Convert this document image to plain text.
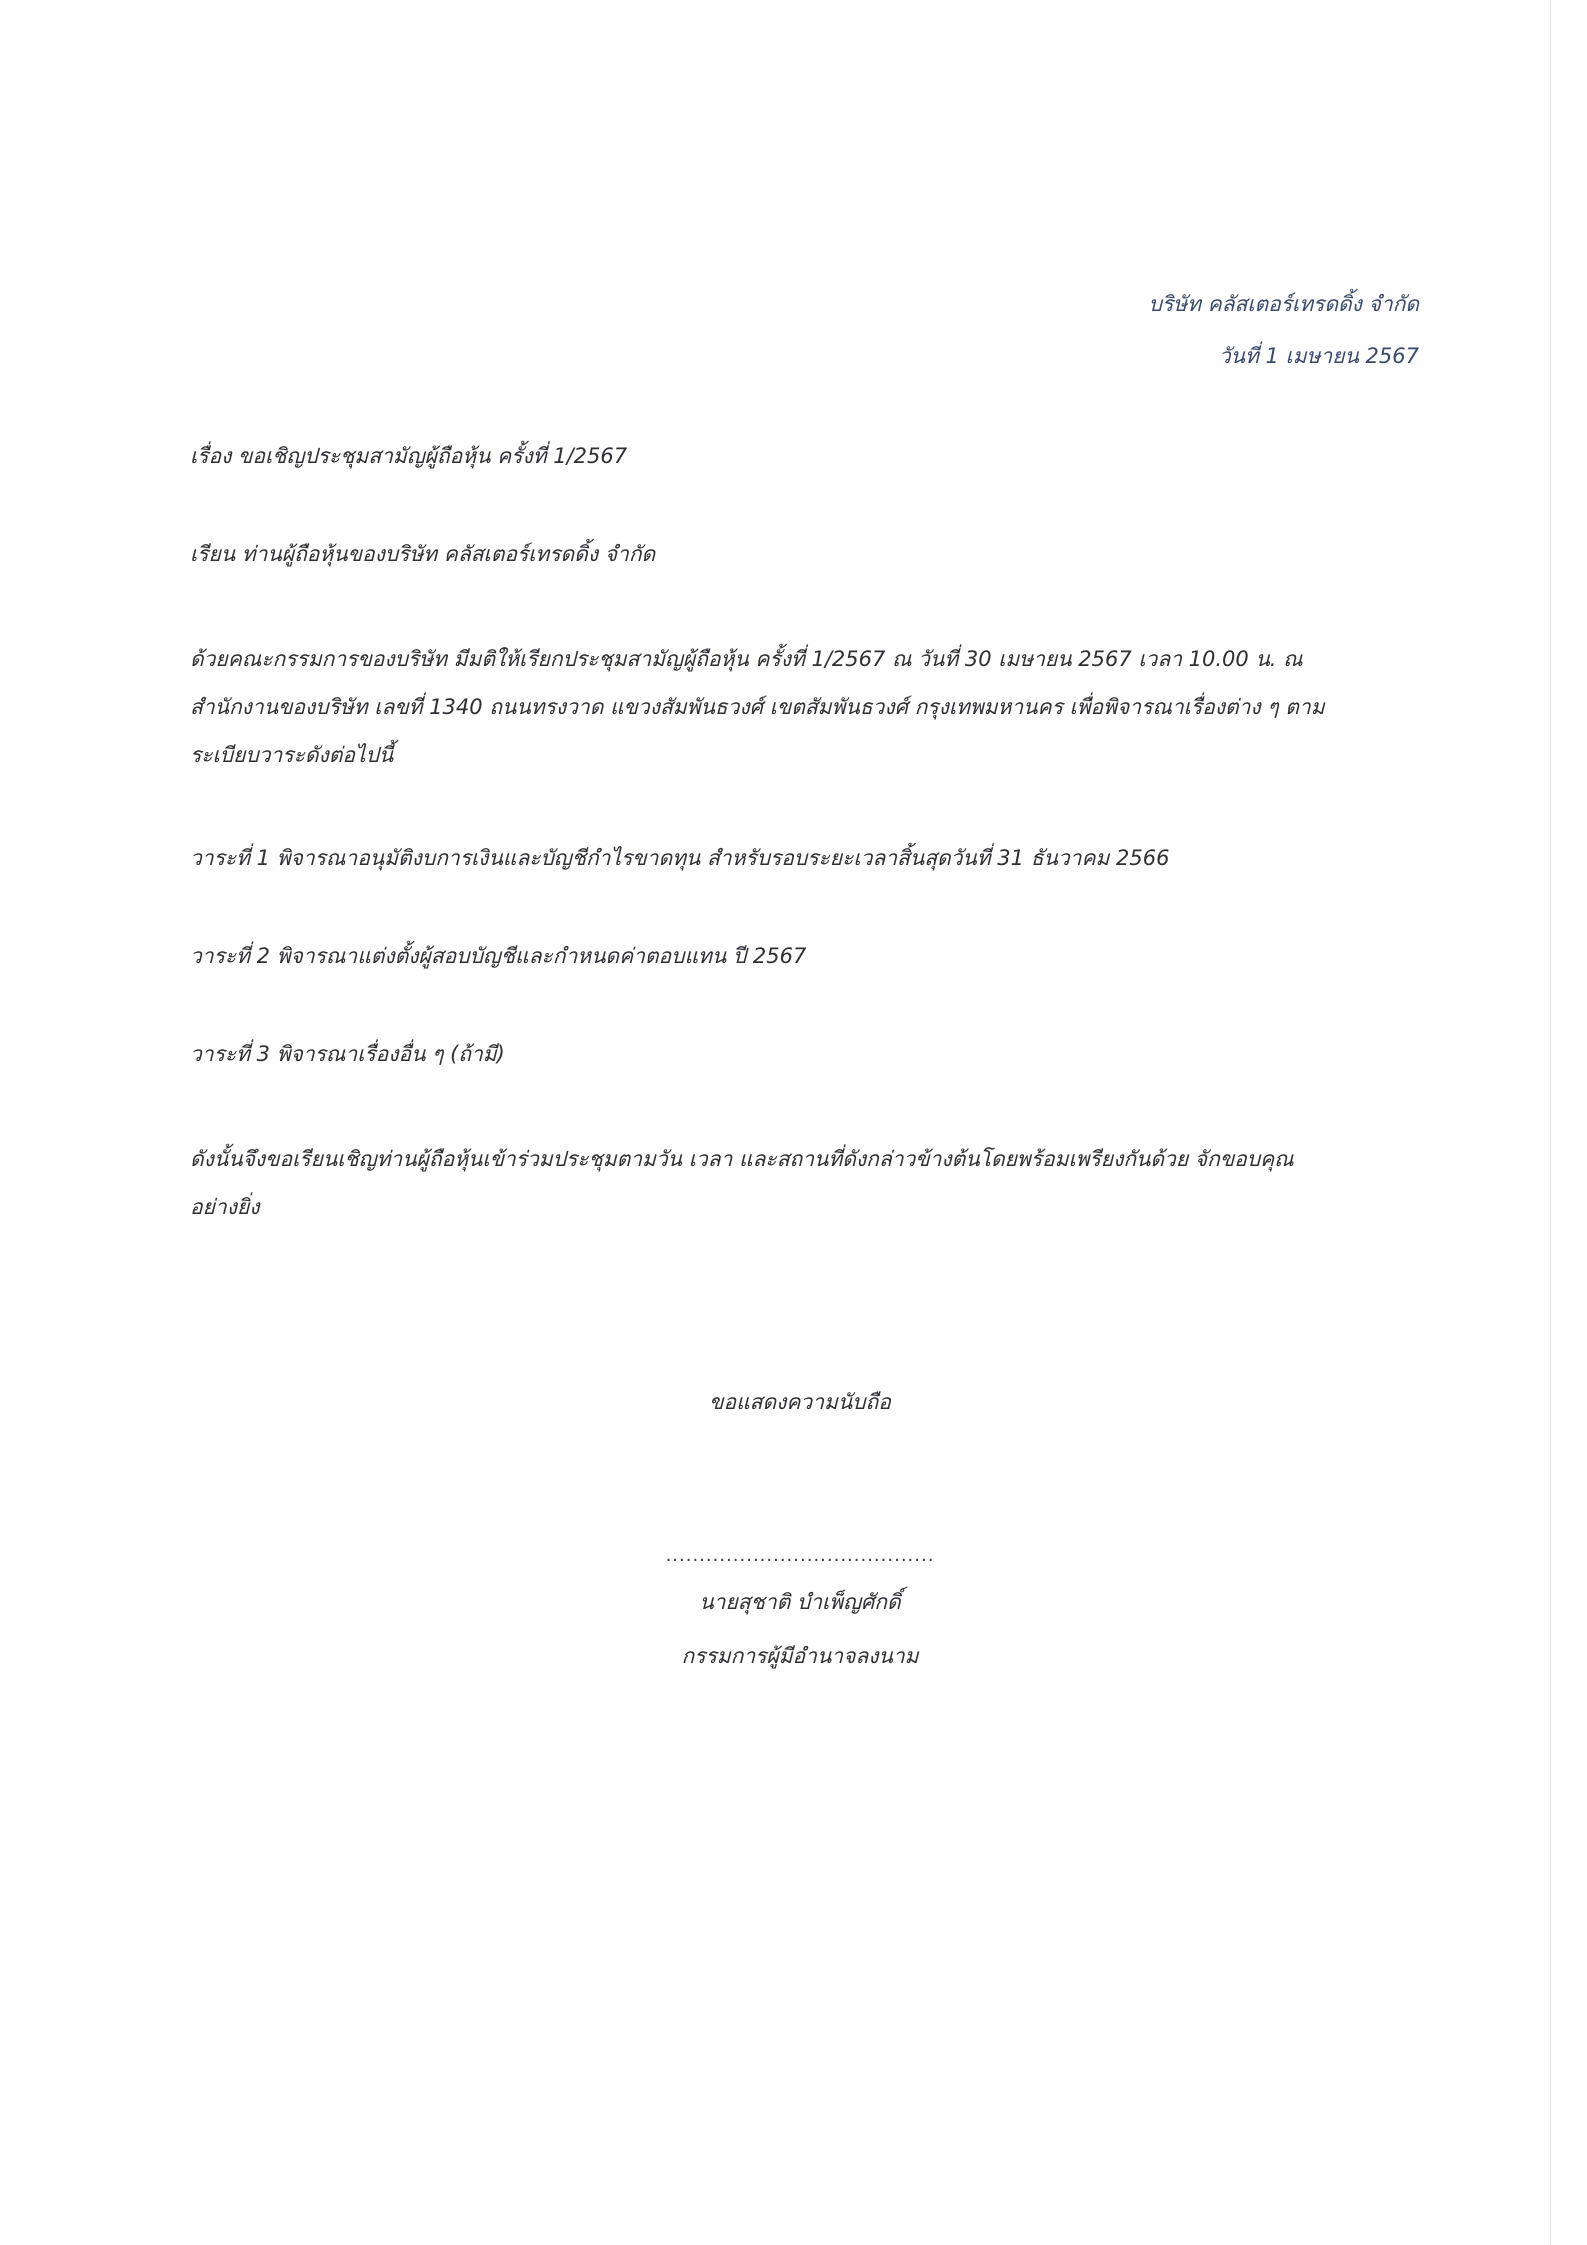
บริษัท คลัสเตอร์เทรดดิ้ง จำกัด
วันที่ 1 เมษายน 2567
เรื่อง ขอเชิญประชุมสามัญผู้ถือหุ้น ครั้งที่ 1/2567
เรียน ท่านผู้ถือหุ้นของบริษัท คลัสเตอร์เทรดดิ้ง จำกัด
ด้วยคณะกรรมการของบริษัท มีมติให้เรียกประชุมสามัญผู้ถือหุ้น ครั้งที่ 1/2567 ณ วันที่ 30 เมษายน 2567 เวลา 10.00 น. ณ
สำนักงานของบริษัท เลขที่ 1340 ถนนทรงวาด แขวงสัมพันธวงศ์ เขตสัมพันธวงศ์ กรุงเทพมหานคร เพื่อพิจารณาเรื่องต่าง ๆ ตาม
ระเบียบวาระดังต่อไปนี้
วาระที่ 1 พิจารณาอนุมัติงบการเงินและบัญชีกำไรขาดทุน สำหรับรอบระยะเวลาสิ้นสุดวันที่ 31 ธันวาคม 2566
วาระที่ 2 พิจารณาแต่งตั้งผู้สอบบัญชีและกำหนดค่าตอบแทน ปี 2567
วาระที่ 3 พิจารณาเรื่องอื่น ๆ (ถ้ามี)
ดังนั้นจึงขอเรียนเชิญท่านผู้ถือหุ้นเข้าร่วมประชุมตามวัน เวลา และสถานที่ดังกล่าวข้างต้นโดยพร้อมเพรียงกันด้วย จักขอบคุณ
อย่างยิ่ง
ขอแสดงความนับถือ
........................................
นายสุชาติ บำเพ็ญศักดิ์
กรรมการผู้มีอำนาจลงนาม
